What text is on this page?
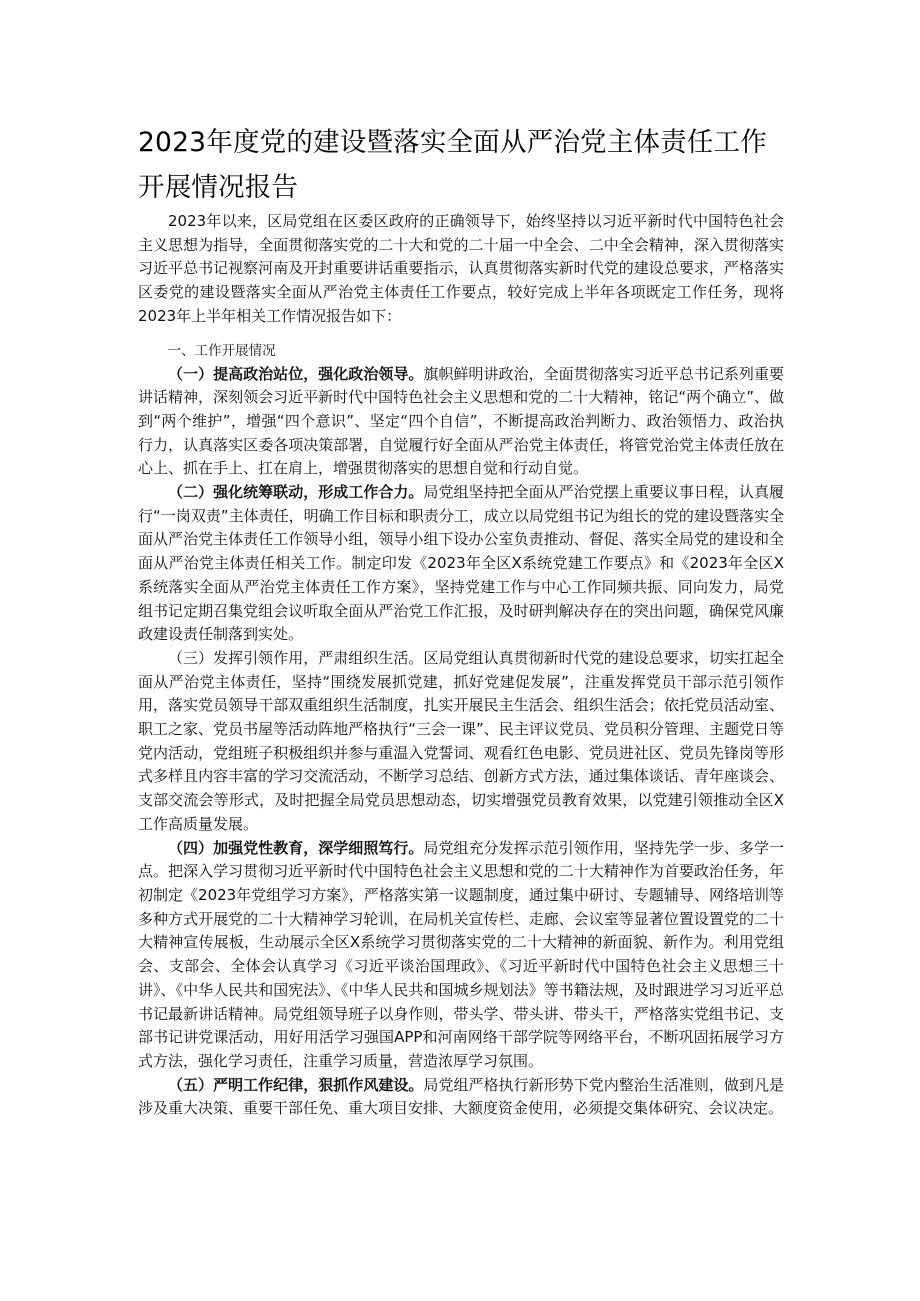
2023年度党的建设暨落实全面从严治党主体责任工作
开展情况报告

2023年以来，区局党组在区委区政府的正确领导下，始终坚持以习近平新时代中国特色社会主义思想为指导，全面贯彻落实党的二十大和党的二十届一中全会、二中全会精神，深入贯彻落实习近平总书记视察河南及开封重要讲话重要指示，认真贯彻落实新时代党的建设总要求，严格落实区委党的建设暨落实全面从严治党主体责任工作要点，较好完成上半年各项既定工作任务，现将2023年上半年相关工作情况报告如下：

一、工作开展情况

（一）提高政治站位，强化政治领导。旗帜鲜明讲政治，全面贯彻落实习近平总书记系列重要讲话精神，深刻领会习近平新时代中国特色社会主义思想和党的二十大精神，铭记“两个确立”、做到“两个维护”，增强“四个意识”、坚定“四个自信”，不断提高政治判断力、政治领悟力、政治执行力，认真落实区委各项决策部署，自觉履行好全面从严治党主体责任，将管党治党主体责任放在心上、抓在手上、扛在肩上，增强贯彻落实的思想自觉和行动自觉。

（二）强化统筹联动，形成工作合力。局党组坚持把全面从严治党摆上重要议事日程，认真履行“一岗双责”主体责任，明确工作目标和职责分工，成立以局党组书记为组长的党的建设暨落实全面从严治党主体责任工作领导小组，领导小组下设办公室负责推动、督促、落实全局党的建设和全面从严治党主体责任相关工作。制定印发《2023年全区X系统党建工作要点》和《2023年全区X系统落实全面从严治党主体责任工作方案》，坚持党建工作与中心工作同频共振、同向发力，局党组书记定期召集党组会议听取全面从严治党工作汇报，及时研判解决存在的突出问题，确保党风廉政建设责任制落到实处。

（三）发挥引领作用，严肃组织生活。区局党组认真贯彻新时代党的建设总要求，切实扛起全面从严治党主体责任，坚持“围绕发展抓党建，抓好党建促发展”，注重发挥党员干部示范引领作用，落实党员领导干部双重组织生活制度，扎实开展民主生活会、组织生活会；依托党员活动室、职工之家、党员书屋等活动阵地严格执行“三会一课”、民主评议党员、党员积分管理、主题党日等党内活动，党组班子积极组织并参与重温入党誓词、观看红色电影、党员进社区、党员先锋岗等形式多样且内容丰富的学习交流活动，不断学习总结、创新方式方法，通过集体谈话、青年座谈会、支部交流会等形式，及时把握全局党员思想动态，切实增强党员教育效果，以党建引领推动全区X工作高质量发展。

（四）加强党性教育，深学细照笃行。局党组充分发挥示范引领作用，坚持先学一步、多学一点。把深入学习贯彻习近平新时代中国特色社会主义思想和党的二十大精神作为首要政治任务，年初制定《2023年党组学习方案》，严格落实第一议题制度，通过集中研讨、专题辅导、网络培训等多种方式开展党的二十大精神学习轮训，在局机关宣传栏、走廊、会议室等显著位置设置党的二十大精神宣传展板，生动展示全区X系统学习贯彻落实党的二十大精神的新面貌、新作为。利用党组会、支部会、全体会认真学习《习近平谈治国理政》、《习近平新时代中国特色社会主义思想三十讲》、《中华人民共和国宪法》、《中华人民共和国城乡规划法》等书籍法规，及时跟进学习习近平总书记最新讲话精神。局党组领导班子以身作则，带头学、带头讲、带头干，严格落实党组书记、支部书记讲党课活动，用好用活学习强国APP和河南网络干部学院等网络平台，不断巩固拓展学习方式方法，强化学习责任，注重学习质量，营造浓厚学习氛围。

（五）严明工作纪律，狠抓作风建设。局党组严格执行新形势下党内整治生活准则，做到凡是涉及重大决策、重要干部任免、重大项目安排、大额度资金使用，必须提交集体研究、会议决定。
